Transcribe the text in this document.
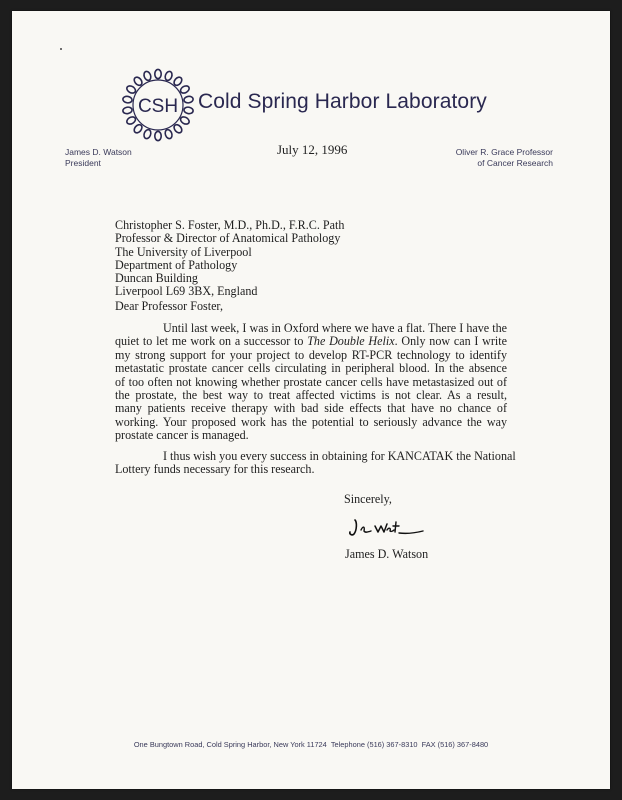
CSH Cold Spring Harbor Laboratory
James D. Watson
President
July 12, 1996	Oliver R. Grace Professor
of Cancer Research
Christopher S. Foster, M.D., Ph.D., F.R.C. Path
Professor & Director of Anatomical Pathology
The University of Liverpool
Department of Pathology
Duncan Building
Liverpool L69 3BX, England
Dear Professor Foster,
Until last week, I was in Oxford where we have a flat. There I have the
quiet to let me work on a successor to The Double Helix. Only now can I write
my strong support for your project to develop RT-PCR technology to identify
metastatic prostate cancer cells circulating in peripheral blood. In the absence
of too often not knowing whether prostate cancer cells have metastasized out of
the prostate, the best way to treat affected victims is not clear. As a result,
many patients receive therapy with bad side effects that have no chance of
working. Your proposed work has the potential to seriously advance the way
prostate cancer is managed.
I thus wish you every success in obtaining for KANCATAK the National
Lottery funds necessary for this research.
Sincerely,
James D. Watson
One Bungtown Road, Cold Spring Harbor, New York 11724 Telephone (516) 367-8310 FAX (516) 367-8480
